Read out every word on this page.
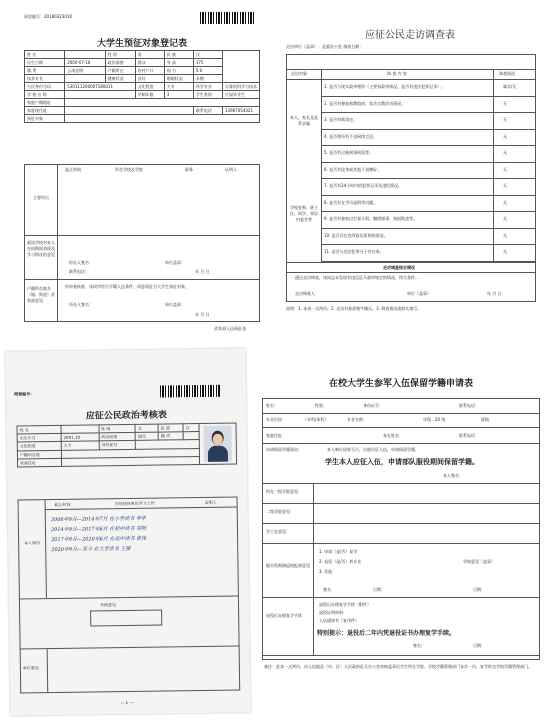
网登编号：20180323010
大学生预征对象登记表
姓 名		性 别	男	民 族	汉	
出生日期	2000-07-18	政治面貌	群众	身 高	175	
籍 贯	云南昆明	户籍所在	农村户口	视 力	5.0	
技术专长		健康状况	良好	婚姻状况	未婚	
公民身份号码	530111200007180011		文化程度	大专	所学专业	计算机科学与技术
学 校 名 称			学制年限	3	学生类别	应届毕业生
家庭户籍地址						
家庭现住址					联系电话	13987654321
预征对象						
主要经历
起止时间	所在学校及学院	职务	证明人
就读学校对本人在校期间表现及学习情况的意见
经办人签名：	单位盖章：
联系电话：	年 月 日
户籍所在地乡（镇、街道）武装部意见
经审查核准，该同学符合学籍入伍条件，同意预征为大学生预征对象。
经办人签名：	单位盖章：
年 月 日
武装部入伍预征表
应征公民走访调查表
走访单位（盖章）：县委办公室 填表日期：
走访对象	调 查 内 容	调查情况
本人、家长及直系亲属
学校老师、班主任、同学、邻居村委会等
1. 是否与现实政审相符（主要看政审情况、是否有违法犯罪记录）。	属实/无
2. 是否有参加邪教组织、非法宗教活动情况。	无
3. 是否有吸毒史。	无
4. 是否曾经有不良网络言论。	无
5. 是否有过被刑事拘留等。	无
6. 是否有纹身或其他不良嗜好。	无
7. 是否有24小时内的犯罪记录及违纪情况。	无
8. 是否存在学历造假等问题。	无
9. 是否有参加过打架斗殴、酗酒滋事、校园欺凌等。	无
10. 是否存在违背政治原则的情况。	无
11. 是否与违法犯罪分子有往来。	无
走访调查综合情况
通过走访调查，该同志未发现有违反征兵政审规定的情况，符合条件。
走访调查人：	单位（盖章）	年 月 日
说明：1. 本表一式两份。2. 走访对象需签字确认。3. 调查情况需如实填写。
网登编号：
应征公民政治考核表
姓 名		性 别	女	民 族	汉	

出生年月	2001.10	政治面貌	团员	籍 贯		
文化程度	大专	身份证号				
户籍所在地						
家庭住址						
本人简历
起止时间	在何地何单位学习工作	证明人
2008年9月—2014年7月 在小学读书 李华
2014年9月—2017年6月 在初中读书 刘明
2017年9月—2020年6月 在高中读书 张伟
2020年9月—至今 在大学读书 王强
考核意见
单位意见
— 1 —
在校大学生参军入伍保留学籍申请表
姓名：	性别：	身份证号：	联系电话：
专业层次：	（专科/本科）	专业名称：	年级：20 级	班级：
家庭住址：	家长姓名：	联系电话：
申请保留学籍事由：	本人响应国家号召，自愿应征入伍，申请保留学籍。
学生本人应征入伍，申请部队服役期间保留学籍。
本人签名：
所在二级学院意见：
二级学院意见：
学工处意见：
服兵役期满返校报到意见
1. 申请（是/否）复学
2. 退役（是/否）转专业
3. 其他：
学校意见（盖章）
签名：	日期：	日期：
退役后办理复学手续
退役后办理复学手续（附件）
退役证明材料：
入伍通知书（复印件）
特别提示：退役后二年内凭退役证书办理复学手续。
签名：	日期：
备注：此表一式两份，由入伍地县（市、区）人民政府征兵办公室审核盖章后学生所在学院、学校学籍管理部门各存一份，复学时交学校学籍管理部门。
